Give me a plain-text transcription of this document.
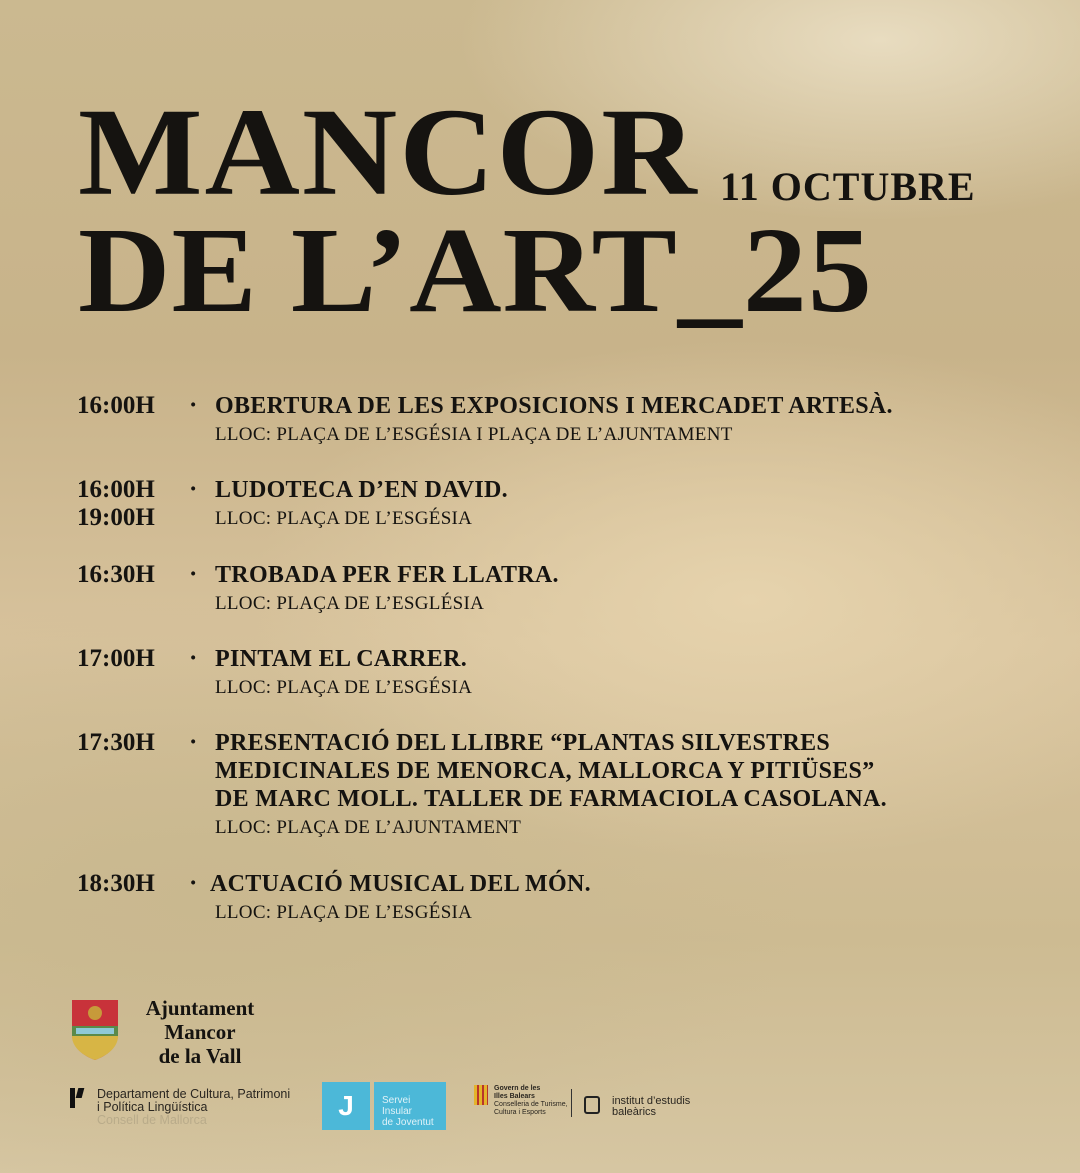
MANCOR 11 OCTUBRE
DE L’ART_25
16:00H · OBERTURA DE LES EXPOSICIONS I MERCADET ARTESÀ.
LLOC: PLAÇA DE L’ESGÉSIA I PLAÇA DE L’AJUNTAMENT
16:00H
19:00H
· LUDOTECA D’EN DAVID.
LLOC: PLAÇA DE L’ESGÉSIA
16:30H · TROBADA PER FER LLATRA.
LLOC: PLAÇA DE L’ESGLÉSIA
17:00H · PINTAM EL CARRER.
LLOC: PLAÇA DE L’ESGÉSIA
17:30H · PRESENTACIÓ DEL LLIBRE “PLANTAS SILVESTRES
MEDICINALES DE MENORCA, MALLORCA Y PITIÜSES”
DE MARC MOLL. TALLER DE FARMACIOLA CASOLANA.
LLOC: PLAÇA DE L’AJUNTAMENT
18:30H · ACTUACIÓ MUSICAL DEL MÓN.
LLOC: PLAÇA DE L’ESGÉSIA
Ajuntament
Mancor
de la Vall
Departament de Cultura, Patrimoni
i Política Lingüística
Consell de Mallorca	J	Servei
Insular
de Joventut
Govern de les
Illes Balears
Conselleria de Turisme,
Cultura i Esports
institut d’estudis
baleàrics
